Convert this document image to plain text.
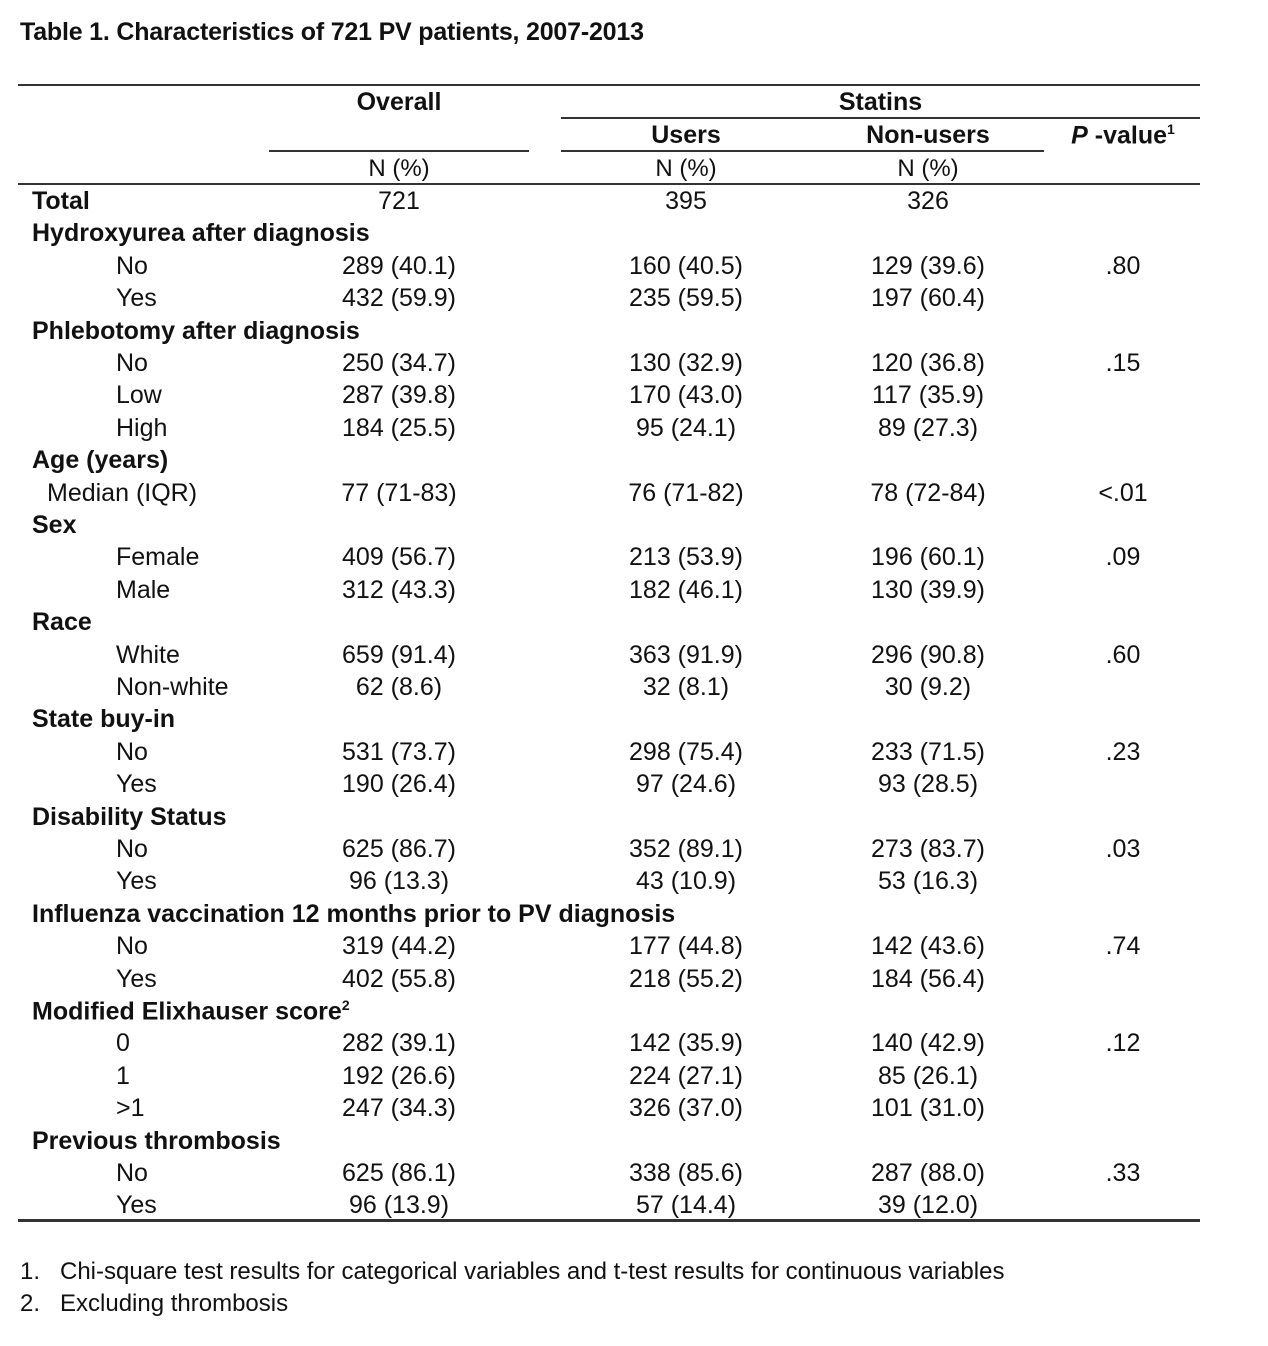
Table 1. Characteristics of 721 PV patients, 2007-2013
Overall	Statins
Users	Non-users	P -value$^1$
N (%)	N (%)	N (%)
Total	721	395	326
Hydroxyurea after diagnosis
No	289 (40.1)	160 (40.5)	129 (39.6)	.80
Yes	432 (59.9)	235 (59.5)	197 (60.4)
Phlebotomy after diagnosis
No	250 (34.7)	130 (32.9)	120 (36.8)	.15
Low	287 (39.8)	170 (43.0)	117 (35.9)
High	184 (25.5)	95 (24.1)	89 (27.3)
Age (years)
Median (IQR)	77 (71-83)	76 (71-82)	78 (72-84)	<.01
Sex
Female	409 (56.7)	213 (53.9)	196 (60.1)	.09
Male	312 (43.3)	182 (46.1)	130 (39.9)
Race
White	659 (91.4)	363 (91.9)	296 (90.8)	.60
Non-white	62 (8.6)	32 (8.1)	30 (9.2)
State buy-in
No	531 (73.7)	298 (75.4)	233 (71.5)	.23
Yes	190 (26.4)	97 (24.6)	93 (28.5)
Disability Status
No	625 (86.7)	352 (89.1)	273 (83.7)	.03
Yes	96 (13.3)	43 (10.9)	53 (16.3)
Influenza vaccination 12 months prior to PV diagnosis
No	319 (44.2)	177 (44.8)	142 (43.6)	.74
Yes	402 (55.8)	218 (55.2)	184 (56.4)
Modified Elixhauser score$^2$
0	282 (39.1)	142 (35.9)	140 (42.9)	.12
1	192 (26.6)	224 (27.1)	85 (26.1)
>1	247 (34.3)	326 (37.0)	101 (31.0)
Previous thrombosis
No	625 (86.1)	338 (85.6)	287 (88.0)	.33
Yes	96 (13.9)	57 (14.4)	39 (12.0)
1. Chi-square test results for categorical variables and t-test results for continuous variables
2. Excluding thrombosis
